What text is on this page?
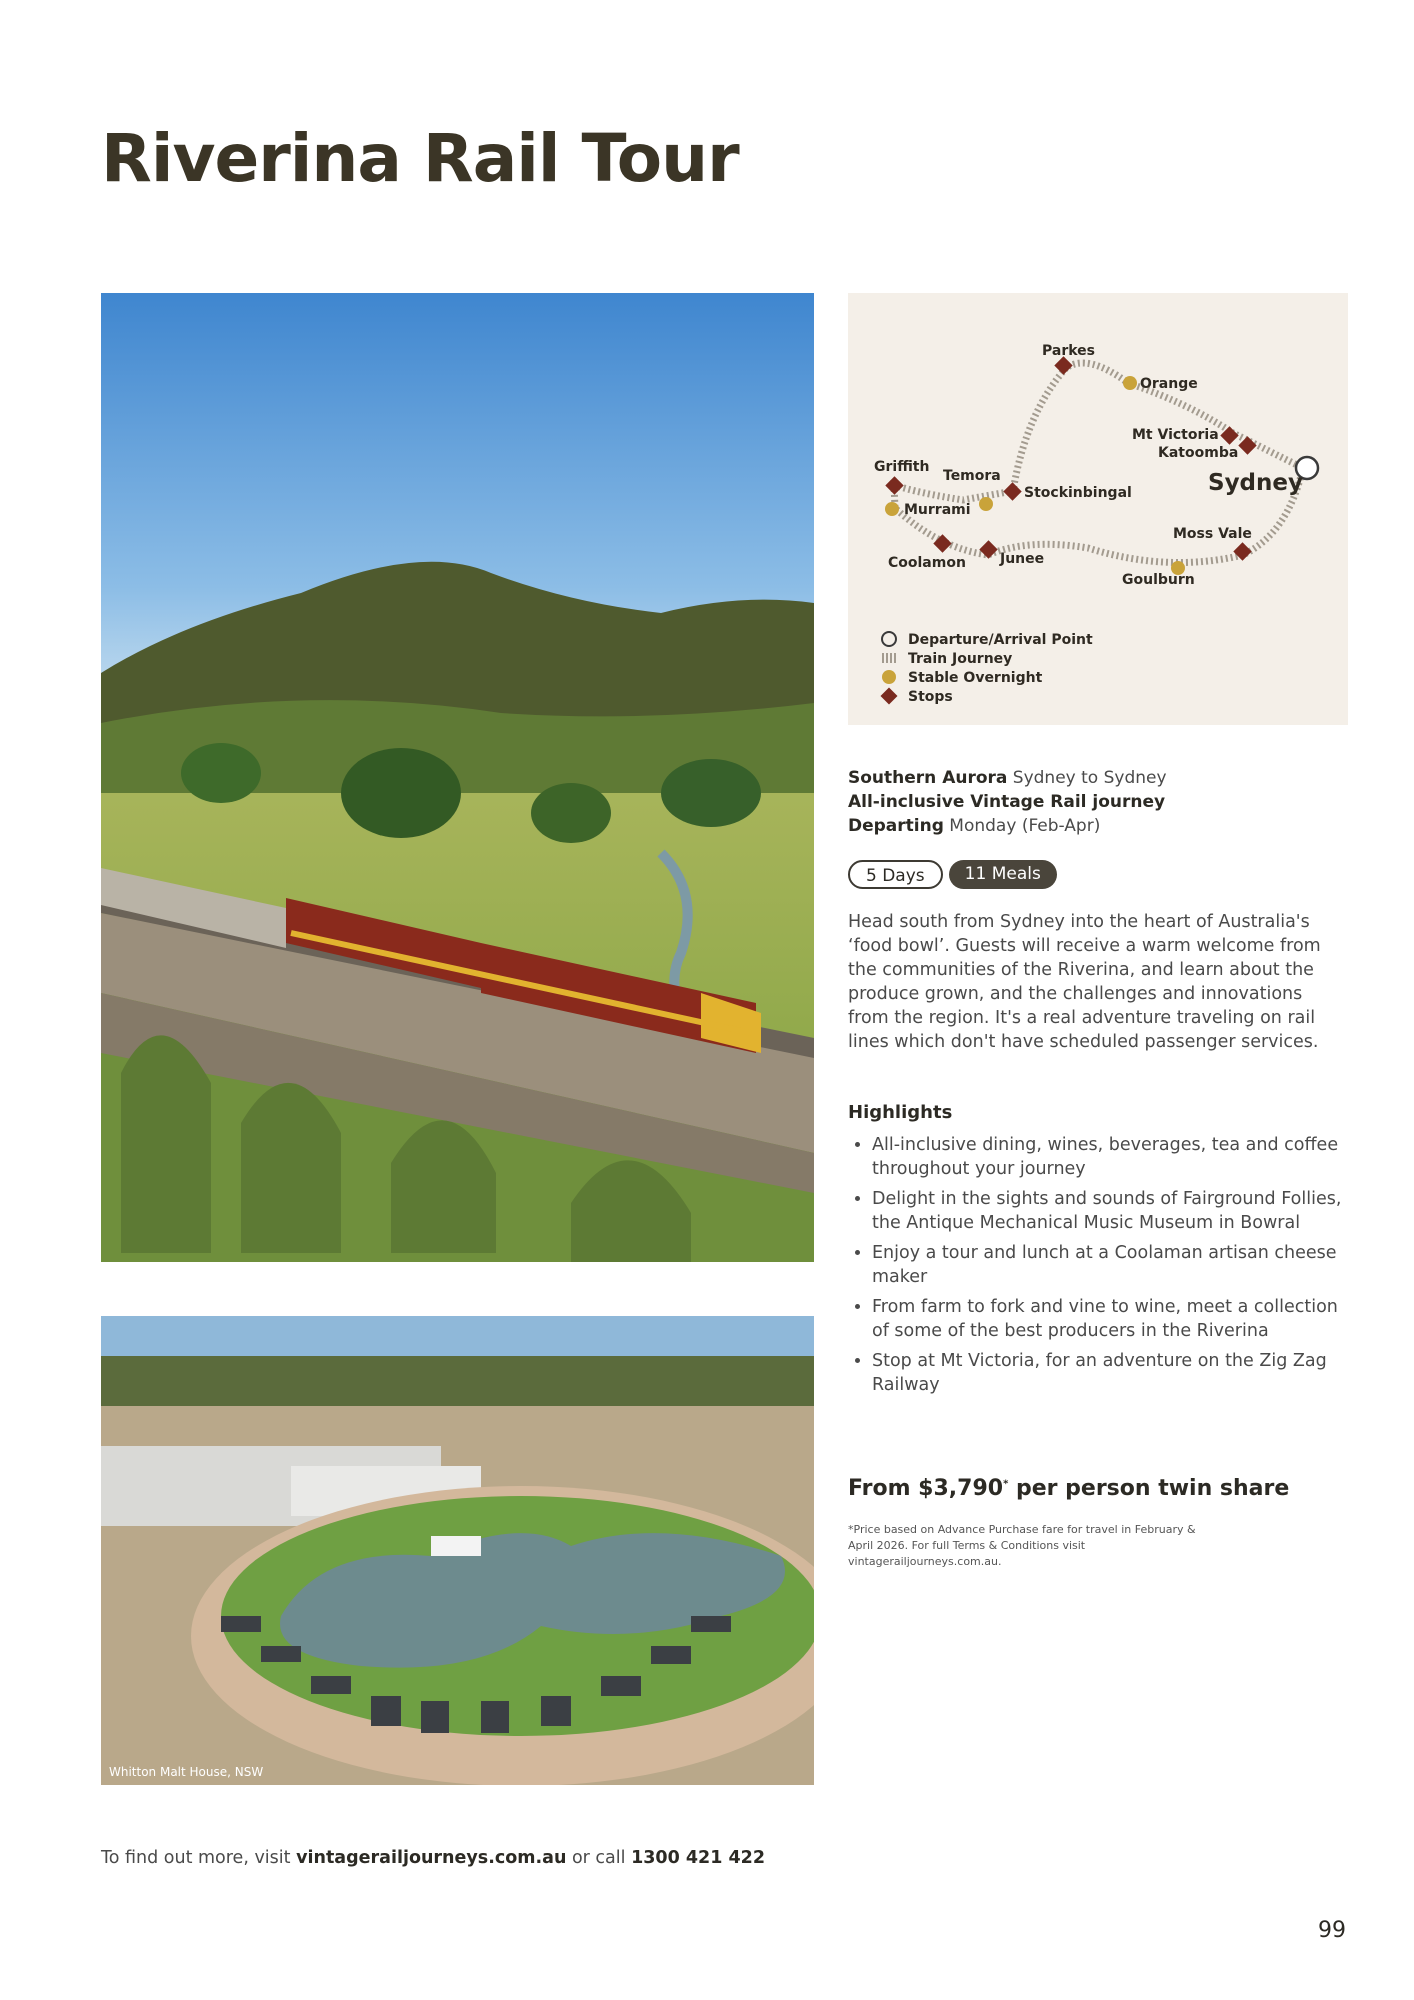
Riverina Rail Tour
Whitton Malt House, NSW
Parkes
Orange
Mt Victoria
Katoomba
Sydney
Griffith
Temora
Murrami
Stockinbingal
Coolamon Junee
Moss Vale
Goulburn
Departure/Arrival Point
Train Journey
Stable Overnight
Stops
Southern Aurora Sydney to Sydney
All-inclusive Vintage Rail journey
Departing Monday (Feb-Apr)
5 Days	11 Meals

Head south from Sydney into the heart of Australia's ‘food bowl’. Guests will receive a warm welcome from the communities of the Riverina, and learn about the produce grown, and the challenges and innovations from the region. It's a real adventure traveling on rail lines which don't have scheduled passenger services.

Highlights
• All-inclusive dining, wines, beverages, tea and coffee throughout your journey
• Delight in the sights and sounds of Fairground Follies, the Antique Mechanical Music Museum in Bowral
• Enjoy a tour and lunch at a Coolaman artisan cheese maker
• From farm to fork and vine to wine, meet a collection of some of the best producers in the Riverina
• Stop at Mt Victoria, for an adventure on the Zig Zag Railway
From $3,790* per person twin share
*Price based on Advance Purchase fare for travel in February & April 2026. For full Terms & Conditions visit vintagerailjourneys.com.au.
To find out more, visit vintagerailjourneys.com.au or call 1300 421 422
99
